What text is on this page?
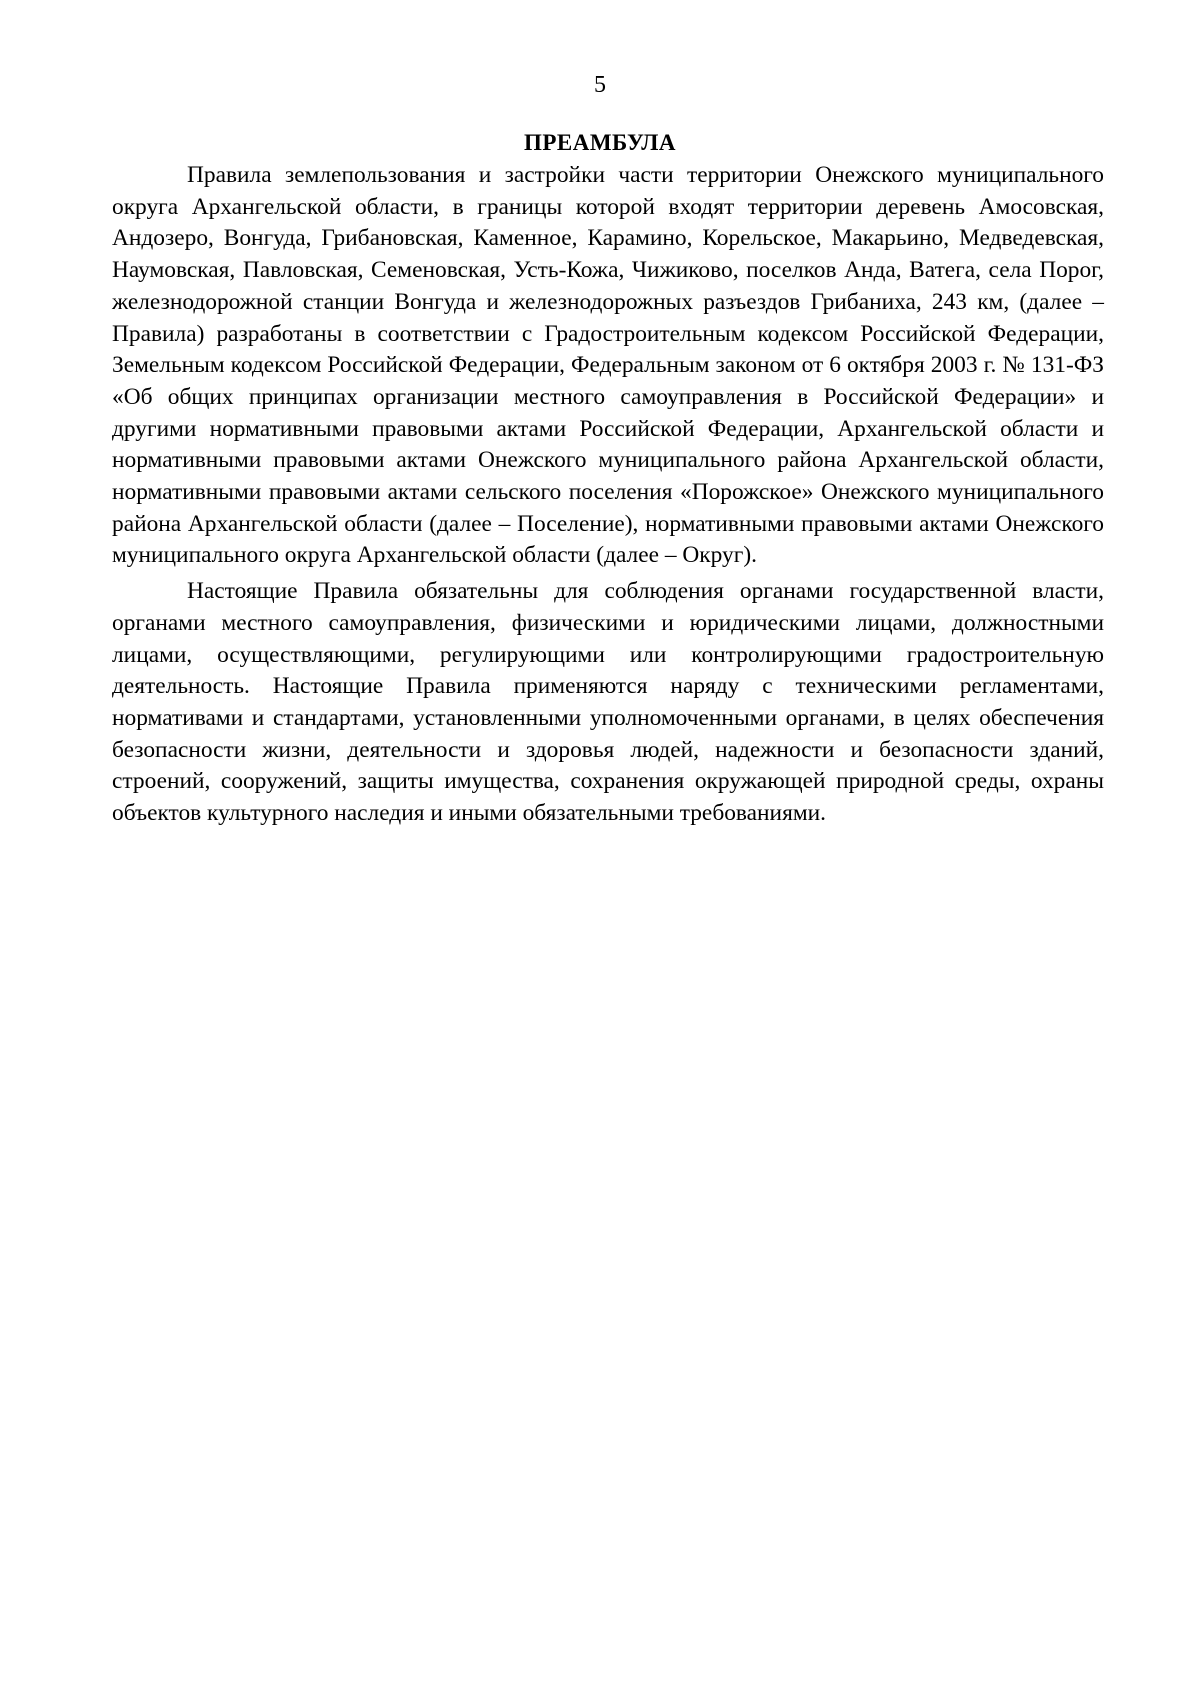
5
ПРЕАМБУЛА

Правила землепользования и застройки части территории Онежского муниципального округа Архангельской области, в границы которой входят территории деревень Амосовская, Андозеро, Вонгуда, Грибановская, Каменное, Карамино, Корельское, Макарьино, Медведевская, Наумовская, Павловская, Семеновская, Усть-Кожа, Чижиково, поселков Анда, Ватега, села Порог, железнодорожной станции Вонгуда и железнодорожных разъездов Грибаниха, 243 км, (далее – Правила) разработаны в соответствии с Градостроительным кодексом Российской Федерации, Земельным кодексом Российской Федерации, Федеральным законом от 6 октября 2003 г. № 131-ФЗ «Об общих принципах организации местного самоуправления в Российской Федерации» и другими нормативными правовыми актами Российской Федерации, Архангельской области и нормативными правовыми актами Онежского муниципального района Архангельской области, нормативными правовыми актами сельского поселения «Порожское» Онежского муниципального района Архангельской области (далее – Поселение), нормативными правовыми актами Онежского муниципального округа Архангельской области (далее – Округ).

Настоящие Правила обязательны для соблюдения органами государственной власти, органами местного самоуправления, физическими и юридическими лицами, должностными лицами, осуществляющими, регулирующими или контролирующими градостроительную деятельность. Настоящие Правила применяются наряду с техническими регламентами, нормативами и стандартами, установленными уполномоченными органами, в целях обеспечения безопасности жизни, деятельности и здоровья людей, надежности и безопасности зданий, строений, сооружений, защиты имущества, сохранения окружающей природной среды, охраны объектов культурного наследия и иными обязательными требованиями.
